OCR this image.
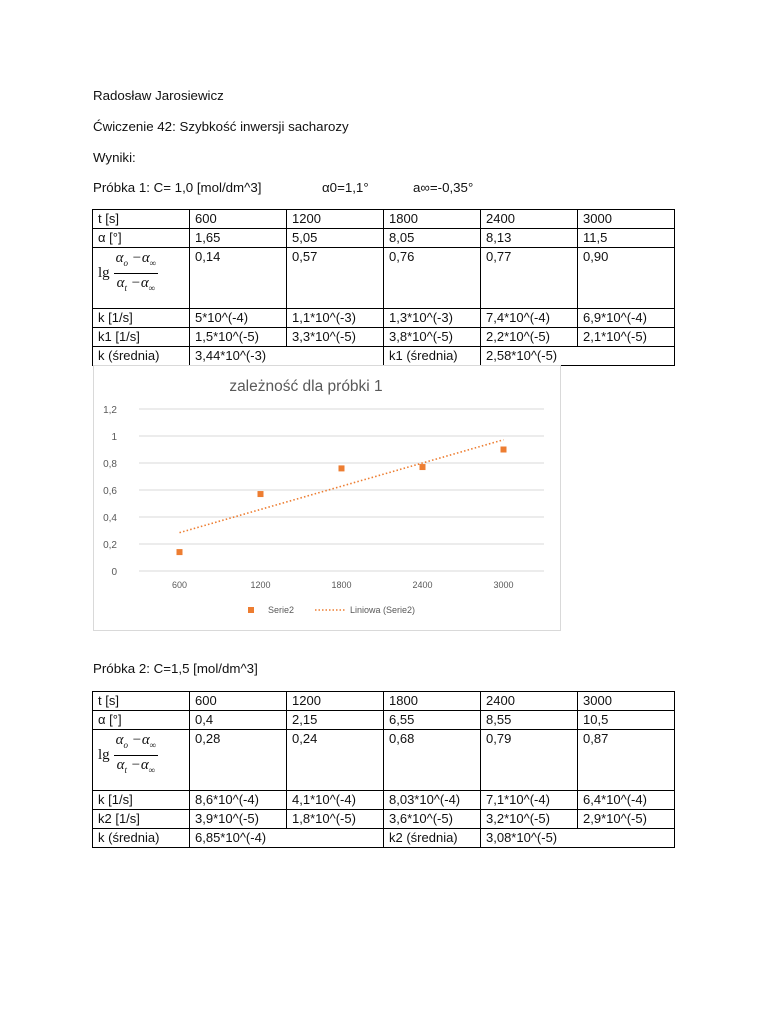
Radosław Jarosiewicz
Ćwiczenie 42: Szybkość inwersji sacharozy
Wyniki:
Próbka 1: C= 1,0 [mol/dm^3]	α0=1,1°	a∞=-0,35°
t [s]	600	1200	1800	2400	3000
α [°]	1,65	5,05	8,05	8,13	11,5

$\lg \frac{\alpha_o -\alpha_\infty}{\alpha_t -\alpha_\infty}$	0,14	0,57	0,76	0,77	0,90
k [1/s]	5*10^(-4)	1,1*10^(-3)	1,3*10^(-3)	7,4*10^(-4)	6,9*10^(-4)
k1 [1/s]	1,5*10^(-5)	3,3*10^(-5)	3,8*10^(-5)	2,2*10^(-5)	2,1*10^(-5)
k (średnia)	3,44*10^(-3)		k1 (średnia)	2,58*10^(-5)	
zależność dla próbki 1
0
0,2
0,4
0,6
0,8
1
1,2
600	1200	1800	2400	3000
Serie2	Liniowa (Serie2)
Próbka 2: C=1,5 [mol/dm^3]
t [s]	600	1200	1800	2400	3000
α [°]	0,4	2,15	6,55	8,55	10,5

$\lg \frac{\alpha_o -\alpha_\infty}{\alpha_t -\alpha_\infty}$	0,28	0,24	0,68	0,79	0,87
k [1/s]	8,6*10^(-4)	4,1*10^(-4)	8,03*10^(-4)	7,1*10^(-4)	6,4*10^(-4)
k2 [1/s]	3,9*10^(-5)	1,8*10^(-5)	3,6*10^(-5)	3,2*10^(-5)	2,9*10^(-5)
k (średnia)	6,85*10^(-4)		k2 (średnia)	3,08*10^(-5)	
